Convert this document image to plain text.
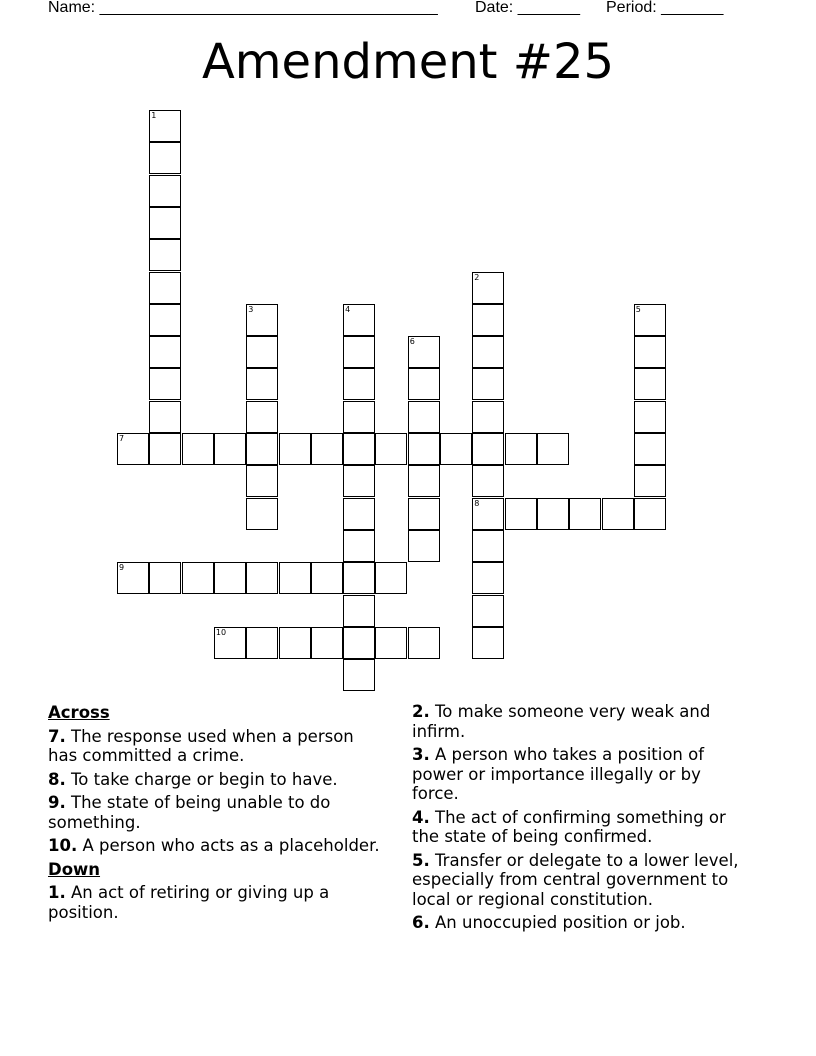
Name: ______________________________________ Date: _______ Period: _______
Amendment #25
1
2
8
3	4	5
6
7
9
10
Across
7. The response used when a person has committed a crime.
8. To take charge or begin to have.
9. The state of being unable to do something.
10. A person who acts as a placeholder.
Down
1. An act of retiring or giving up a position.
2. To make someone very weak and infirm.
3. A person who takes a position of power or importance illegally or by force.
4. The act of confirming something or the state of being confirmed.
5. Transfer or delegate to a lower level, especially from central government to local or regional constitution.
6. An unoccupied position or job.
